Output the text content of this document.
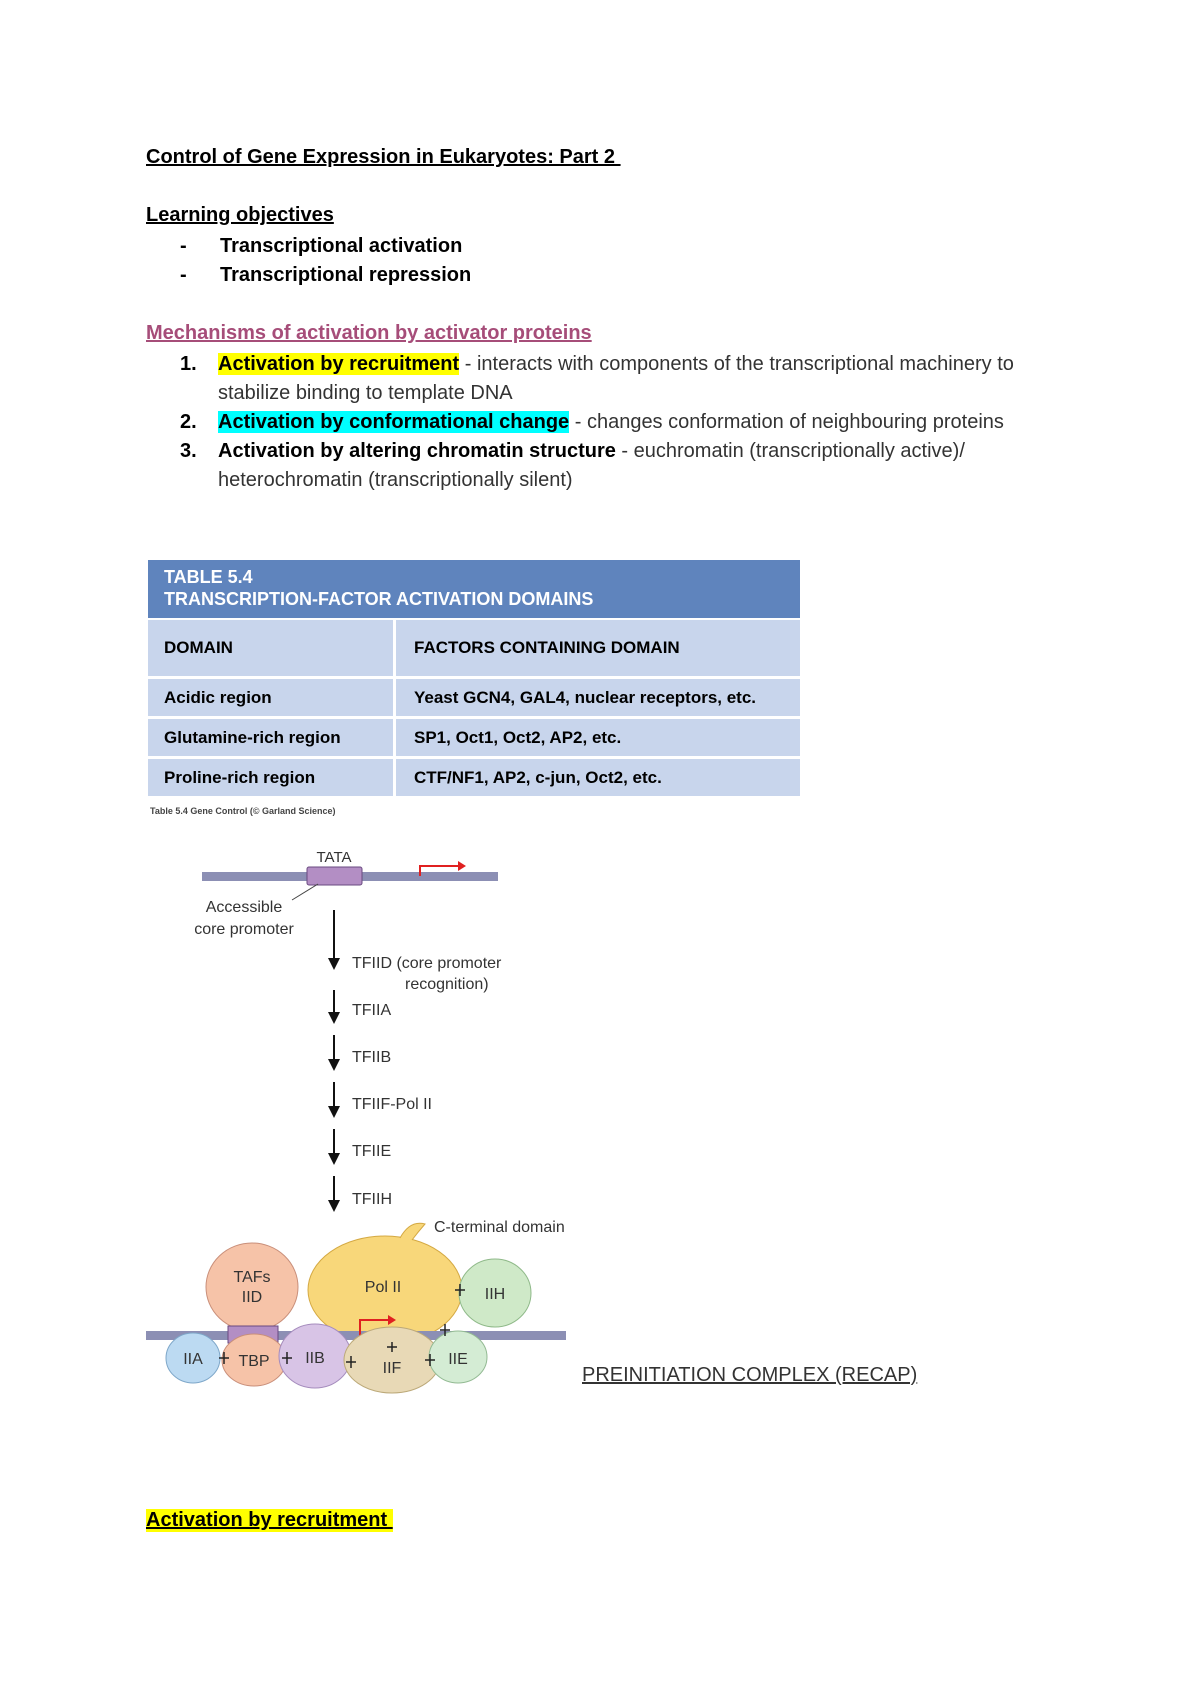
Control of Gene Expression in Eukaryotes: Part 2
Learning objectives
-	Transcriptional activation
-	Transcriptional repression
Mechanisms of activation by activator proteins
1.	Activation by recruitment - interacts with components of the transcriptional machinery to stabilize binding to template DNA
2.	Activation by conformational change - changes conformation of neighbouring proteins
3.	Activation by altering chromatin structure - euchromatin (transcriptionally active)/ heterochromatin (transcriptionally silent)
TABLE 5.4
TRANSCRIPTION-FACTOR ACTIVATION DOMAINS
DOMAIN	FACTORS CONTAINING DOMAIN
Acidic region	Yeast GCN4, GAL4, nuclear receptors, etc.
Glutamine-rich region	SP1, Oct1, Oct2, AP2, etc.
Proline-rich region	CTF/NF1, AP2, c-jun, Oct2, etc.
Table 5.4 Gene Control (© Garland Science)
TATA
Accessible
core promoter
TFIID (core promoter
recognition)
TFIIA
TFIIB
TFIIF-Pol II
TFIIE
TFIIH
TAFs
IID
Pol II
C-terminal domain
IIH
IIA TBP IIB
IIF
IIE
PREINITIATION COMPLEX (RECAP)
Activation by recruitment
